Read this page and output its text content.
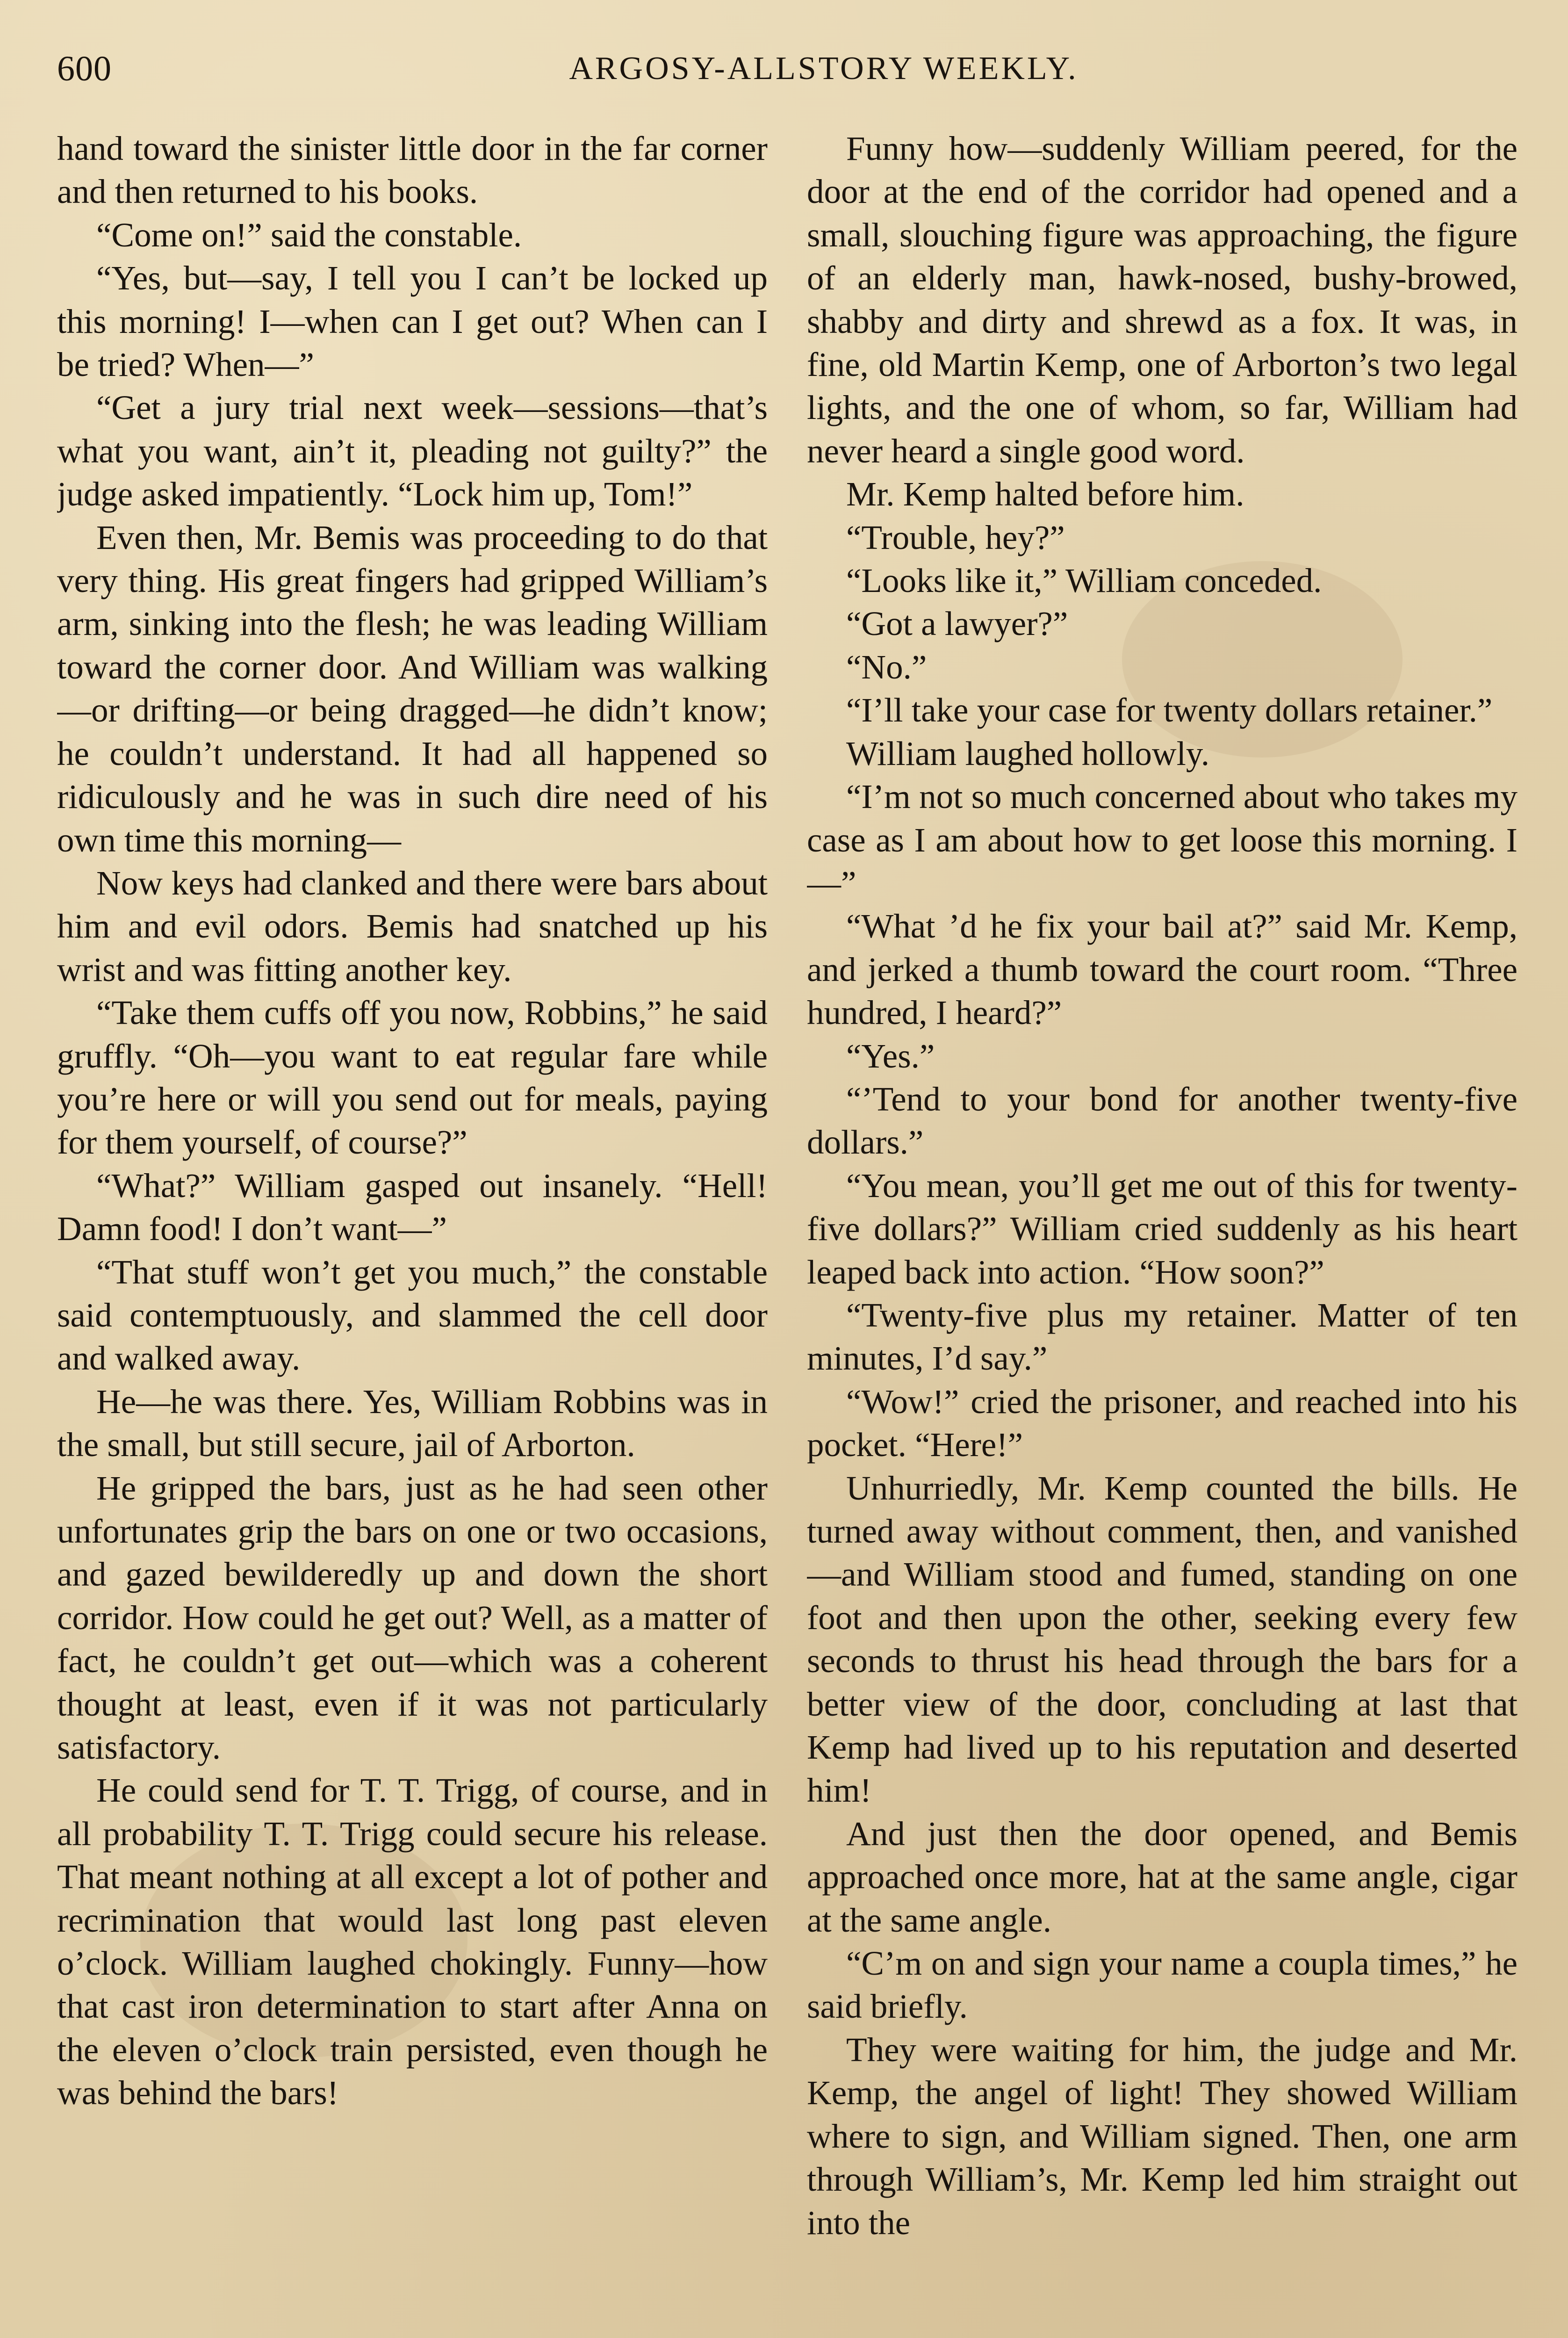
600	ARGOSY-ALLSTORY WEEKLY.

hand toward the sinister little door in the far corner and then returned to his books.

“Come on!” said the constable.

“Yes, but—say, I tell you I can’t be locked up this morning! I—when can I get out? When can I be tried? When—”

“Get a jury trial next week—sessions—that’s what you want, ain’t it, pleading not guilty?” the judge asked impatiently. “Lock him up, Tom!”

Even then, Mr. Bemis was proceeding to do that very thing. His great fingers had gripped William’s arm, sinking into the flesh; he was leading William toward the corner door. And William was walking—or drifting—or being dragged—he didn’t know; he couldn’t understand. It had all happened so ridiculously and he was in such dire need of his own time this morning—

Now keys had clanked and there were bars about him and evil odors. Bemis had snatched up his wrist and was fitting another key.

“Take them cuffs off you now, Robbins,” he said gruffly. “Oh—you want to eat regular fare while you’re here or will you send out for meals, paying for them yourself, of course?”

“What?” William gasped out insanely. “Hell! Damn food! I don’t want—”

“That stuff won’t get you much,” the constable said contemptuously, and slammed the cell door and walked away.

He—he was there. Yes, William Robbins was in the small, but still secure, jail of Arborton.

He gripped the bars, just as he had seen other unfortunates grip the bars on one or two occasions, and gazed bewilderedly up and down the short corridor. How could he get out? Well, as a matter of fact, he couldn’t get out—which was a coherent thought at least, even if it was not particularly satisfactory.

He could send for T. T. Trigg, of course, and in all probability T. T. Trigg could secure his release. That meant nothing at all except a lot of pother and recrimination that would last long past eleven o’clock. William laughed chokingly. Funny—how that cast iron determination to start after Anna on the eleven o’clock train persisted, even though he was behind the bars!

Funny how—suddenly William peered, for the door at the end of the corridor had opened and a small, slouching figure was approaching, the figure of an elderly man, hawk-nosed, bushy-browed, shabby and dirty and shrewd as a fox. It was, in fine, old Martin Kemp, one of Arborton’s two legal lights, and the one of whom, so far, William had never heard a single good word.

Mr. Kemp halted before him.

“Trouble, hey?”

“Looks like it,” William conceded.

“Got a lawyer?”

“No.”

“I’ll take your case for twenty dollars retainer.”

William laughed hollowly.

“I’m not so much concerned about who takes my case as I am about how to get loose this morning. I—”

“What ’d he fix your bail at?” said Mr. Kemp, and jerked a thumb toward the court room. “Three hundred, I heard?”

“Yes.”

“’Tend to your bond for another twenty-five dollars.”

“You mean, you’ll get me out of this for twenty-five dollars?” William cried suddenly as his heart leaped back into action. “How soon?”

“Twenty-five plus my retainer. Matter of ten minutes, I’d say.”

“Wow!” cried the prisoner, and reached into his pocket. “Here!”

Unhurriedly, Mr. Kemp counted the bills. He turned away without comment, then, and vanished—and William stood and fumed, standing on one foot and then upon the other, seeking every few seconds to thrust his head through the bars for a better view of the door, concluding at last that Kemp had lived up to his reputation and deserted him!

And just then the door opened, and Bemis approached once more, hat at the same angle, cigar at the same angle.

“C’m on and sign your name a coupla times,” he said briefly.

They were waiting for him, the judge and Mr. Kemp, the angel of light! They showed William where to sign, and William signed. Then, one arm through William’s, Mr. Kemp led him straight out into the
